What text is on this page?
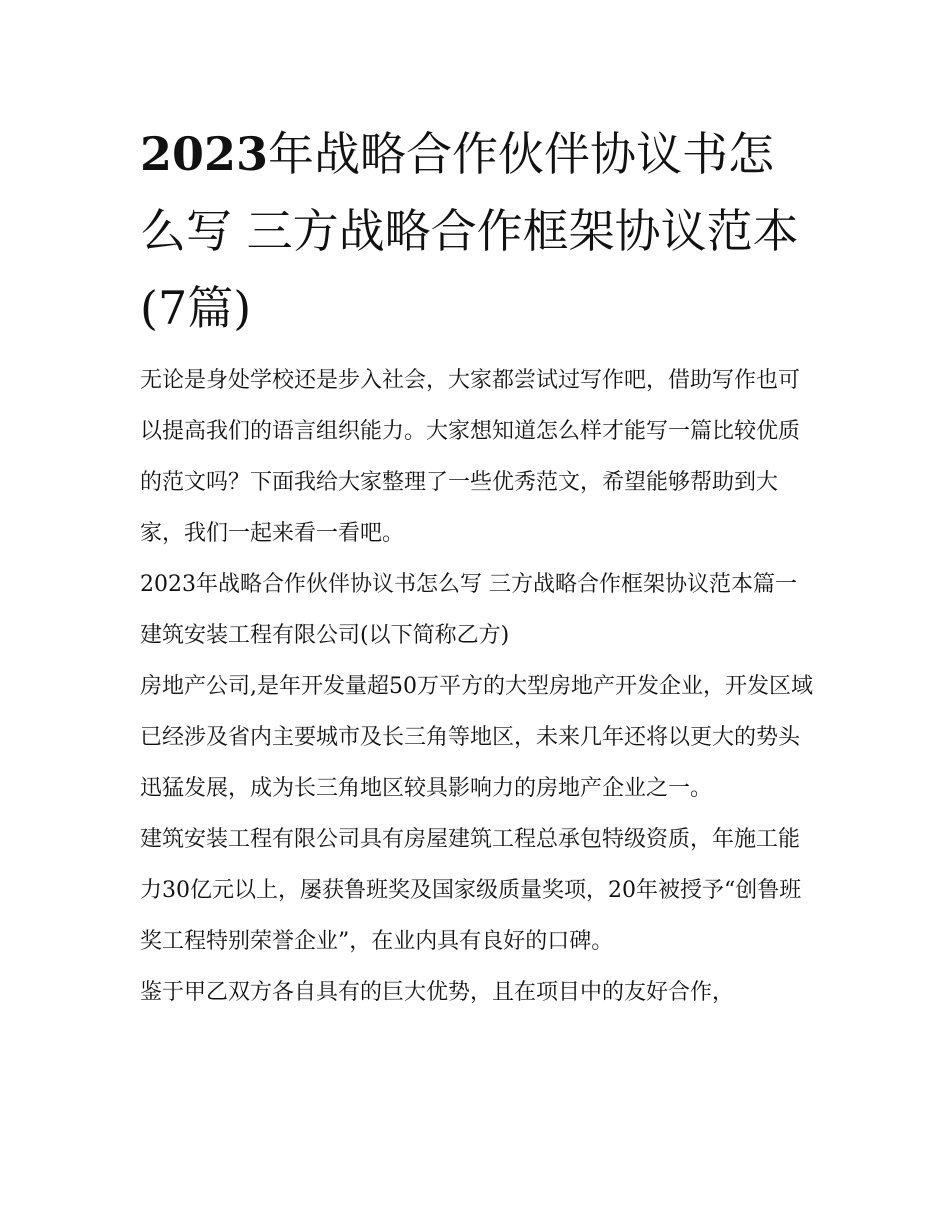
2023年战略合作伙伴协议书怎么写 三方战略合作框架协议范本(7篇)

无论是身处学校还是步入社会，大家都尝试过写作吧，借助写作也可以提高我们的语言组织能力。大家想知道怎么样才能写一篇比较优质的范文吗？下面我给大家整理了一些优秀范文，希望能够帮助到大家，我们一起来看一看吧。

2023年战略合作伙伴协议书怎么写 三方战略合作框架协议范本篇一 建筑安装工程有限公司(以下简称乙方)

房地产公司,是年开发量超50万平方的大型房地产开发企业，开发区域已经涉及省内主要城市及长三角等地区，未来几年还将以更大的势头迅猛发展，成为长三角地区较具影响力的房地产企业之一。

建筑安装工程有限公司具有房屋建筑工程总承包特级资质，年施工能力30亿元以上，屡获鲁班奖及国家级质量奖项，20年被授予“创鲁班奖工程特别荣誉企业”，在业内具有良好的口碑。

鉴于甲乙双方各自具有的巨大优势，且在项目中的友好合作，
